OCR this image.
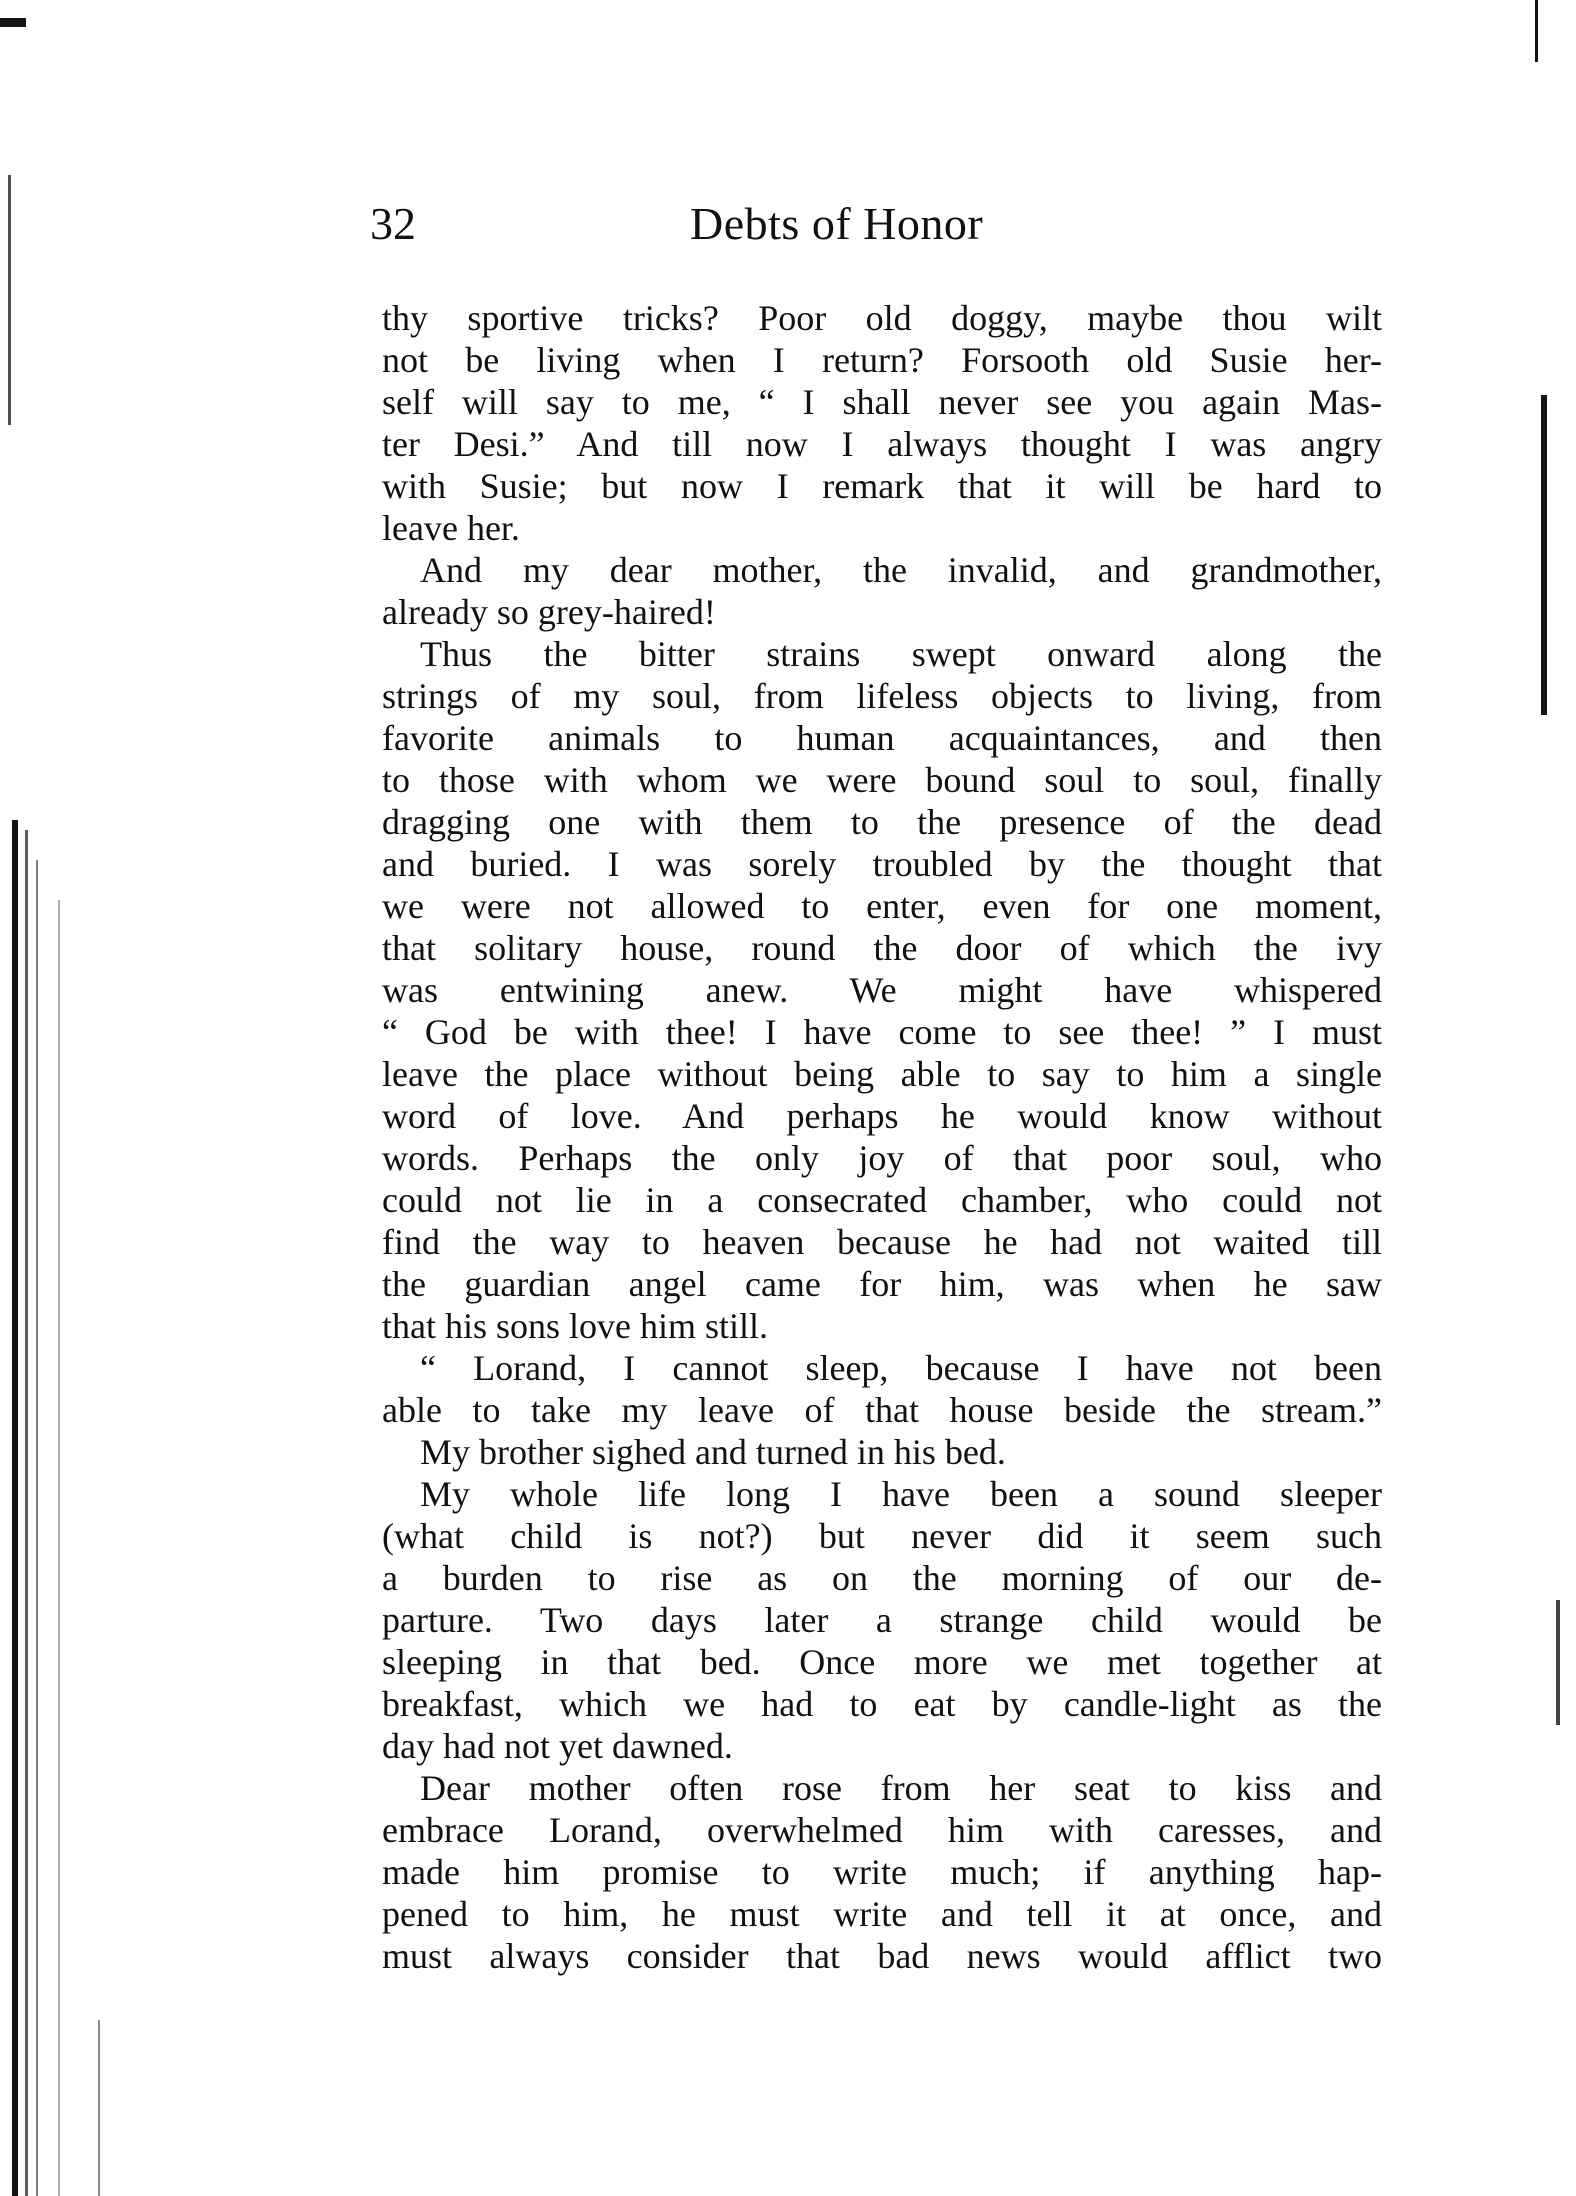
32	Debts of Honor
thy sportive tricks? Poor old doggy, maybe thou wilt
not be living when I return? Forsooth old Susie her-
self will say to me, “ I shall never see you again Mas-
ter Desi.” And till now I always thought I was angry
with Susie; but now I remark that it will be hard to
leave her.
And my dear mother, the invalid, and grandmother,
already so grey-haired!
Thus the bitter strains swept onward along the
strings of my soul, from lifeless objects to living, from
favorite animals to human acquaintances, and then
to those with whom we were bound soul to soul, finally
dragging one with them to the presence of the dead
and buried. I was sorely troubled by the thought that
we were not allowed to enter, even for one moment,
that solitary house, round the door of which the ivy
was entwining anew. We might have whispered
“ God be with thee! I have come to see thee! ” I must
leave the place without being able to say to him a single
word of love. And perhaps he would know without
words. Perhaps the only joy of that poor soul, who
could not lie in a consecrated chamber, who could not
find the way to heaven because he had not waited till
the guardian angel came for him, was when he saw
that his sons love him still.
“ Lorand, I cannot sleep, because I have not been
able to take my leave of that house beside the stream.”
My brother sighed and turned in his bed.
My whole life long I have been a sound sleeper
(what child is not?) but never did it seem such
a burden to rise as on the morning of our de-
parture. Two days later a strange child would be
sleeping in that bed. Once more we met together at
breakfast, which we had to eat by candle-light as the
day had not yet dawned.
Dear mother often rose from her seat to kiss and
embrace Lorand, overwhelmed him with caresses, and
made him promise to write much; if anything hap-
pened to him, he must write and tell it at once, and
must always consider that bad news would afflict two
